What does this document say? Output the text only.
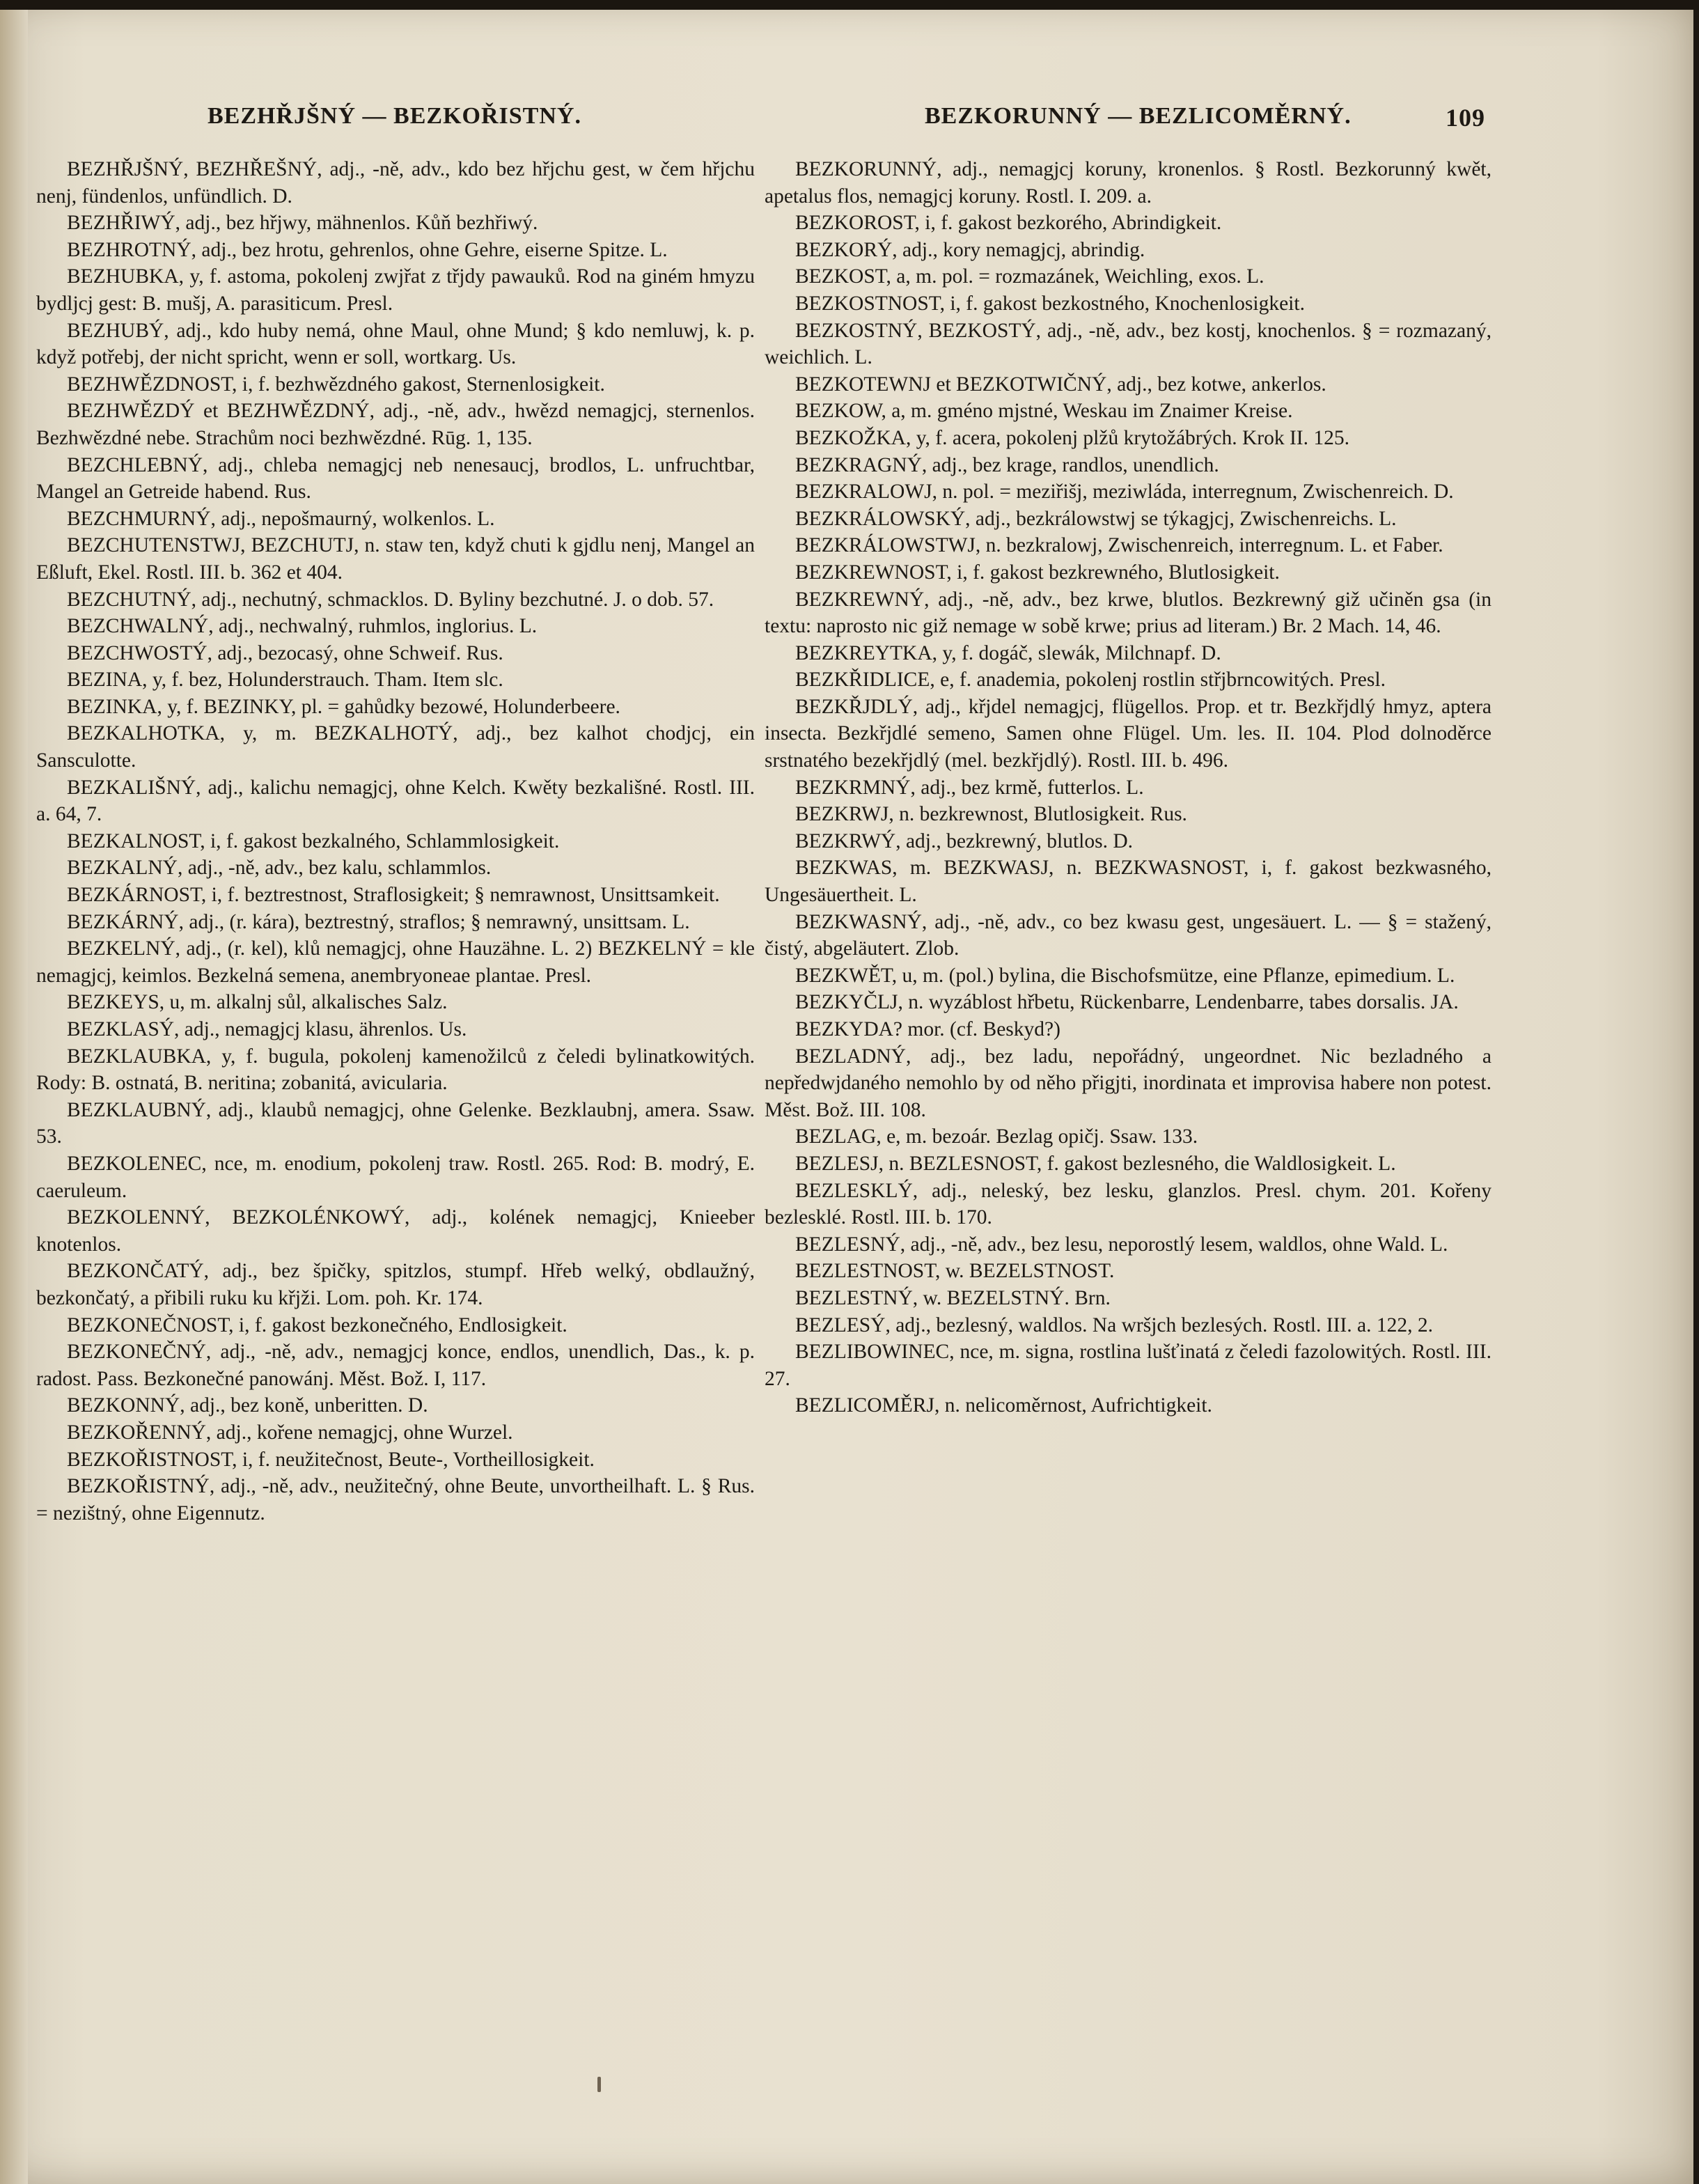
BEZHŘJŠNÝ — BEZKOŘISTNÝ.	BEZKORUNNÝ — BEZLICOMĚRNÝ.	109

BEZHŘJŠNÝ, BEZHŘEŠNÝ, adj., -ně, adv., kdo bez hřjchu gest, w čem hřjchu nenj, fündenlos, unfündlich. D.

BEZHŘIWÝ, adj., bez hřjwy, mähnenlos. Kůň bezhřiwý.

BEZHROTNÝ, adj., bez hrotu, gehrenlos, ohne Gehre, eiserne Spitze. L.

BEZHUBKA, y, f. astoma, pokolenj zwjřat z třjdy pawauků. Rod na giném hmyzu bydljcj gest: B. mušj, A. parasiticum. Presl.

BEZHUBÝ, adj., kdo huby nemá, ohne Maul, ohne Mund; § kdo nemluwj, k. p. když potřebj, der nicht spricht, wenn er soll, wortkarg. Us.

BEZHWĚZDNOST, i, f. bezhwězdného gakost, Sternenlosigkeit.

BEZHWĚZDÝ et BEZHWĚZDNÝ, adj., -ně, adv., hwězd nemagjcj, sternenlos. Bezhwězdné nebe. Strachům noci bezhwězdné. Rūg. 1, 135.

BEZCHLEBNÝ, adj., chleba nemagjcj neb nenesaucj, brodlos, L. unfruchtbar, Mangel an Getreide habend. Rus.

BEZCHMURNÝ, adj., nepošmaurný, wolkenlos. L.

BEZCHUTENSTWJ, BEZCHUTJ, n. staw ten, když chuti k gjdlu nenj, Mangel an Eßluft, Ekel. Rostl. III. b. 362 et 404.

BEZCHUTNÝ, adj., nechutný, schmacklos. D. Byliny bezchutné. J. o dob. 57.

BEZCHWALNÝ, adj., nechwalný, ruhmlos, inglorius. L.

BEZCHWOSTÝ, adj., bezocasý, ohne Schweif. Rus.

BEZINA, y, f. bez, Holunderstrauch. Tham. Item slc.

BEZINKA, y, f. BEZINKY, pl. = gahůdky bezowé, Holunderbeere.

BEZKALHOTKA, y, m. BEZKALHOTÝ, adj., bez kalhot chodjcj, ein Sansculotte.

BEZKALIŠNÝ, adj., kalichu nemagjcj, ohne Kelch. Kwěty bezkališné. Rostl. III. a. 64, 7.

BEZKALNOST, i, f. gakost bezkalného, Schlammlosigkeit.

BEZKALNÝ, adj., -ně, adv., bez kalu, schlammlos.

BEZKÁRNOST, i, f. beztrestnost, Straflosigkeit; § nemrawnost, Unsittsamkeit.

BEZKÁRNÝ, adj., (r. kára), beztrestný, straflos; § nemrawný, unsittsam. L.

BEZKELNÝ, adj., (r. kel), klů nemagjcj, ohne Hauzähne. L. 2) BEZKELNÝ = kle nemagjcj, keimlos. Bezkelná semena, anembryoneae plantae. Presl.

BEZKEYS, u, m. alkalnj sůl, alkalisches Salz.

BEZKLASÝ, adj., nemagjcj klasu, ährenlos. Us.

BEZKLAUBKA, y, f. bugula, pokolenj kamenožilců z čeledi bylinatkowitých. Rody: B. ostnatá, B. neritina; zobanitá, avicularia.

BEZKLAUBNÝ, adj., klaubů nemagjcj, ohne Gelenke. Bezklaubnj, amera. Ssaw. 53.

BEZKOLENEC, nce, m. enodium, pokolenj traw. Rostl. 265. Rod: B. modrý, E. caeruleum.

BEZKOLENNÝ, BEZKOLÉNKOWÝ, adj., kolének nemagjcj, Knieeber knotenlos.

BEZKONČATÝ, adj., bez špičky, spitzlos, stumpf. Hřeb welký, obdlaužný, bezkončatý, a přibili ruku ku křjži. Lom. poh. Kr. 174.

BEZKONEČNOST, i, f. gakost bezkonečného, Endlosigkeit.

BEZKONEČNÝ, adj., -ně, adv., nemagjcj konce, endlos, unendlich, Das., k. p. radost. Pass. Bezkonečné panowánj. Měst. Bož. I, 117.

BEZKONNÝ, adj., bez koně, unberitten. D.

BEZKOŘENNÝ, adj., kořene nemagjcj, ohne Wurzel.

BEZKOŘISTNOST, i, f. neužitečnost, Beute-, Vortheillosigkeit.

BEZKOŘISTNÝ, adj., -ně, adv., neužitečný, ohne Beute, unvortheilhaft. L. § Rus. = nezištný, ohne Eigennutz.

BEZKORUNNÝ, adj., nemagjcj koruny, kronenlos. § Rostl. Bezkorunný kwět, apetalus flos, nemagjcj koruny. Rostl. I. 209. a.

BEZKOROST, i, f. gakost bezkorého, Abrindigkeit.

BEZKORÝ, adj., kory nemagjcj, abrindig.

BEZKOST, a, m. pol. = rozmazánek, Weichling, exos. L.

BEZKOSTNOST, i, f. gakost bezkostného, Knochenlosigkeit.

BEZKOSTNÝ, BEZKOSTÝ, adj., -ně, adv., bez kostj, knochenlos. § = rozmazaný, weichlich. L.

BEZKOTEWNJ et BEZKOTWIČNÝ, adj., bez kotwe, ankerlos.

BEZKOW, a, m. gméno mjstné, Weskau im Znaimer Kreise.

BEZKOŽKA, y, f. acera, pokolenj plžů krytožábrých. Krok II. 125.

BEZKRAGNÝ, adj., bez krage, randlos, unendlich.

BEZKRALOWJ, n. pol. = meziřišj, meziwláda, interregnum, Zwischenreich. D.

BEZKRÁLOWSKÝ, adj., bezkrálowstwj se týkagjcj, Zwischenreichs. L.

BEZKRÁLOWSTWJ, n. bezkralowj, Zwischenreich, interregnum. L. et Faber.

BEZKREWNOST, i, f. gakost bezkrewného, Blutlosigkeit.

BEZKREWNÝ, adj., -ně, adv., bez krwe, blutlos. Bezkrewný giž učiněn gsa (in textu: naprosto nic giž nemage w sobě krwe; prius ad literam.) Br. 2 Mach. 14, 46.

BEZKREYTKA, y, f. dogáč, slewák, Milchnapf. D.

BEZKŘIDLICE, e, f. anademia, pokolenj rostlin střjbrncowitých. Presl.

BEZKŘJDLÝ, adj., křjdel nemagjcj, flügellos. Prop. et tr. Bezkřjdlý hmyz, aptera insecta. Bezkřjdlé semeno, Samen ohne Flügel. Um. les. II. 104. Plod dolnoděrce srstnatého bezekřjdlý (mel. bezkřjdlý). Rostl. III. b. 496.

BEZKRMNÝ, adj., bez krmě, futterlos. L.

BEZKRWJ, n. bezkrewnost, Blutlosigkeit. Rus.

BEZKRWÝ, adj., bezkrewný, blutlos. D.

BEZKWAS, m. BEZKWASJ, n. BEZKWASNOST, i, f. gakost bezkwasného, Ungesäuertheit. L.

BEZKWASNÝ, adj., -ně, adv., co bez kwasu gest, ungesäuert. L. — § = stažený, čistý, abgeläutert. Zlob.

BEZKWĚT, u, m. (pol.) bylina, die Bischofsmütze, eine Pflanze, epimedium. L.

BEZKYČLJ, n. wyzáblost hřbetu, Rückenbarre, Lendenbarre, tabes dorsalis. JA.

BEZKYDA? mor. (cf. Beskyd?)

BEZLADNÝ, adj., bez ladu, nepořádný, ungeordnet. Nic bezladného a nepředwjdaného nemohlo by od něho přigjti, inordinata et improvisa habere non potest. Měst. Bož. III. 108.

BEZLAG, e, m. bezoár. Bezlag opičj. Ssaw. 133.

BEZLESJ, n. BEZLESNOST, f. gakost bezlesného, die Waldlosigkeit. L.

BEZLESKLÝ, adj., neleský, bez lesku, glanzlos. Presl. chym. 201. Kořeny bezlesklé. Rostl. III. b. 170.

BEZLESNÝ, adj., -ně, adv., bez lesu, neporostlý lesem, waldlos, ohne Wald. L.

BEZLESTNOST, w. BEZELSTNOST.

BEZLESTNÝ, w. BEZELSTNÝ. Brn.

BEZLESÝ, adj., bezlesný, waldlos. Na wršjch bezlesých. Rostl. III. a. 122, 2.

BEZLIBOWINEC, nce, m. signa, rostlina lušťinatá z čeledi fazolowitých. Rostl. III. 27.

BEZLICOMĚRJ, n. nelicoměrnost, Aufrichtigkeit.
